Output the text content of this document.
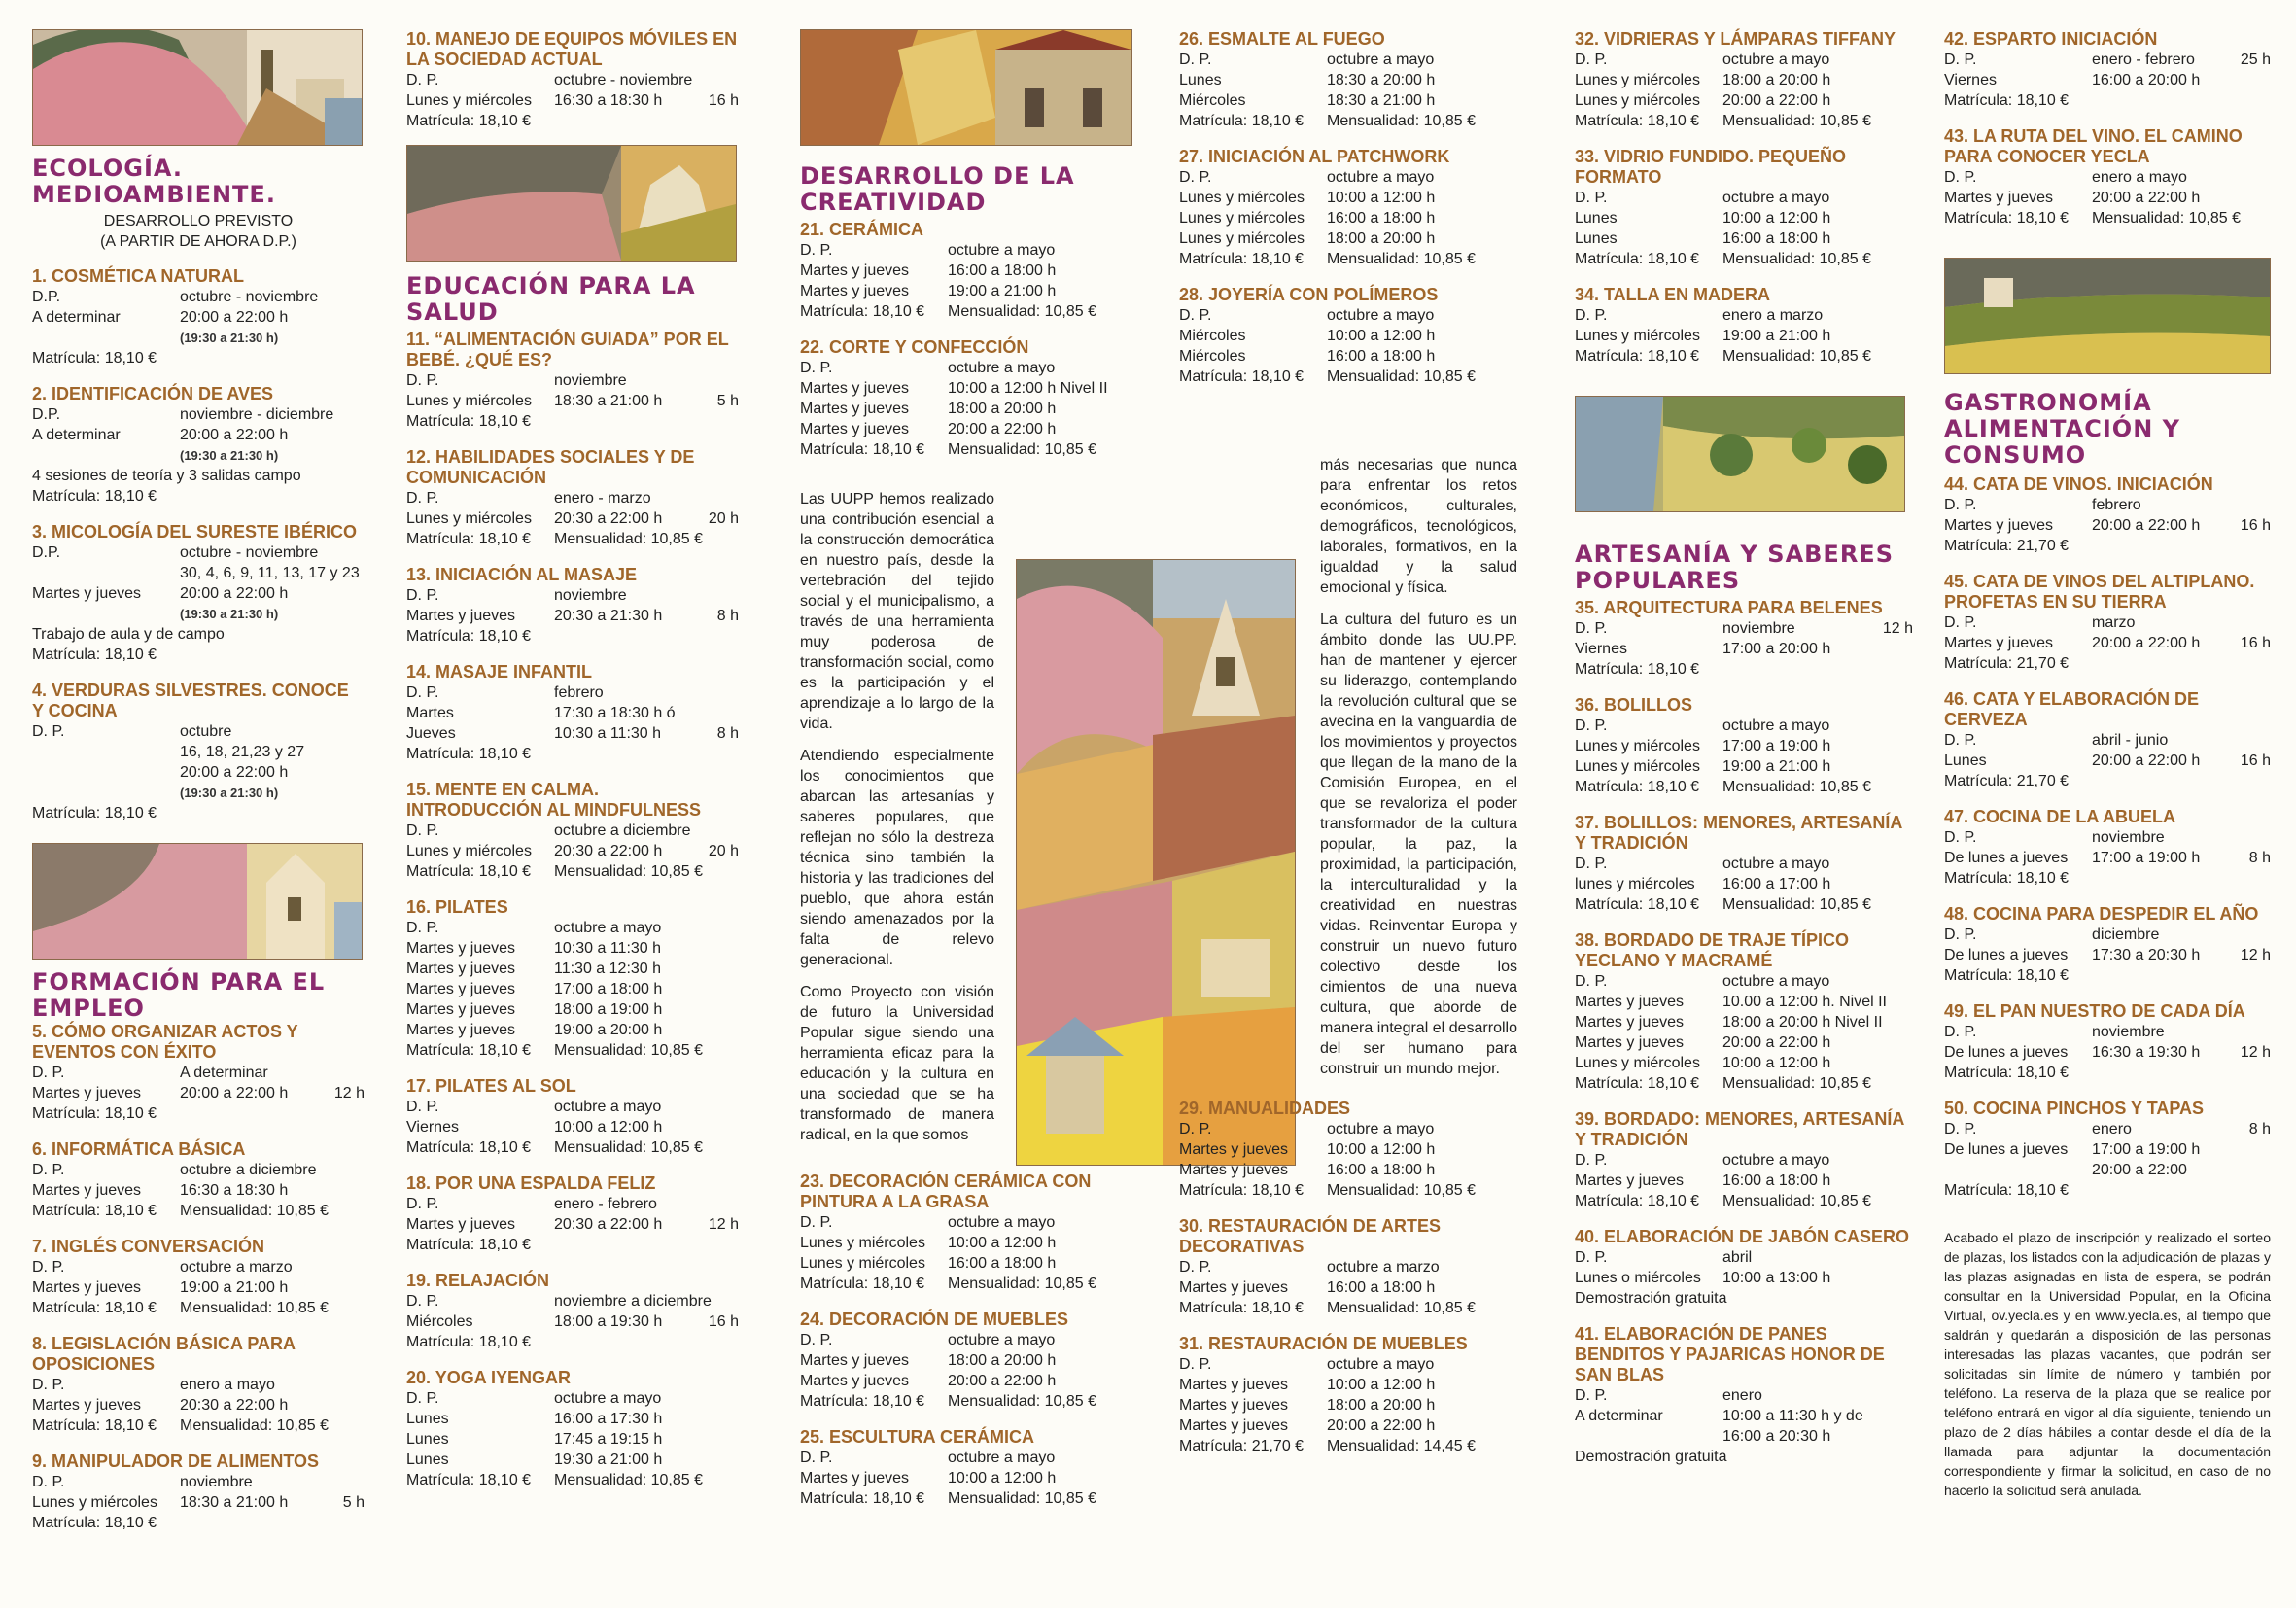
ECOLOGÍA. MEDIOAMBIENTE.
DESARROLLO PREVISTO
(A PARTIR DE AHORA D.P.)
1. COSMÉTICA NATURAL
D.P.	octubre - noviembre
A determinar	20:00 a 22:00 h
(19:30 a 21:30 h)
Matrícula: 18,10 €
2. IDENTIFICACIÓN DE AVES
D.P.	noviembre - diciembre
A determinar	20:00 a 22:00 h
(19:30 a 21:30 h)
4 sesiones de teoría y 3 salidas campo
Matrícula: 18,10 €
3. MICOLOGÍA DEL SURESTE IBÉRICO
D.P.	octubre - noviembre
30, 4, 6, 9, 11, 13, 17 y 23
Martes y jueves	20:00 a 22:00 h
(19:30 a 21:30 h)
Trabajo de aula y de campo
Matrícula: 18,10 €
4. VERDURAS SILVESTRES. CONOCE Y COCINA
D. P.	octubre
16, 18, 21,23 y 27
20:00 a 22:00 h
(19:30 a 21:30 h)
Matrícula: 18,10 €
FORMACIÓN PARA EL EMPLEO
5. CÓMO ORGANIZAR ACTOS Y EVENTOS CON ÉXITO
D. P.	A determinar
Martes y jueves	20:00 a 22:00 h	12 h
Matrícula: 18,10 €
6. INFORMÁTICA BÁSICA
D. P.	octubre a diciembre
Martes y jueves	16:30 a 18:30 h
Matrícula: 18,10 €	Mensualidad: 10,85 €
7. INGLÉS CONVERSACIÓN
D. P.	octubre a marzo
Martes y jueves	19:00 a 21:00 h
Matrícula: 18,10 €	Mensualidad: 10,85 €
8. LEGISLACIÓN BÁSICA PARA OPOSICIONES
D. P.	enero a mayo
Martes y jueves	20:30 a 22:00 h
Matrícula: 18,10 €	Mensualidad: 10,85 €
9. MANIPULADOR DE ALIMENTOS
D. P.	noviembre
Lunes y miércoles	18:30 a 21:00 h	5 h
Matrícula: 18,10 €
10. MANEJO DE EQUIPOS MÓVILES EN LA SOCIEDAD ACTUAL
D. P.	octubre - noviembre
Lunes y miércoles	16:30 a 18:30 h	16 h
Matrícula: 18,10 €
EDUCACIÓN PARA LA SALUD
11. “ALIMENTACIÓN GUIADA” POR EL BEBÉ. ¿QUÉ ES?
D. P.	noviembre
Lunes y miércoles	18:30 a 21:00 h	5 h
Matrícula: 18,10 €
12. HABILIDADES SOCIALES Y DE COMUNICACIÓN
D. P.	enero - marzo
Lunes y miércoles	20:30 a 22:00 h	20 h
Matrícula: 18,10 €	Mensualidad: 10,85 €
13. INICIACIÓN AL MASAJE
D. P.	noviembre
Martes y jueves	20:30 a 21:30 h	8 h
Matrícula: 18,10 €
14. MASAJE INFANTIL
D. P.	febrero
Martes	17:30 a 18:30 h ó
Jueves	10:30 a 11:30 h	8 h
Matrícula: 18,10 €
15. MENTE EN CALMA. INTRODUCCIÓN AL MINDFULNESS
D. P.	octubre a diciembre
Lunes y miércoles	20:30 a 22:00 h	20 h
Matrícula: 18,10 €	Mensualidad: 10,85 €
16. PILATES
D. P.	octubre a mayo
Martes y jueves	10:30 a 11:30 h
Martes y jueves	11:30 a 12:30 h
Martes y jueves	17:00 a 18:00 h
Martes y jueves	18:00 a 19:00 h
Martes y jueves	19:00 a 20:00 h
Matrícula: 18,10 €	Mensualidad: 10,85 €
17. PILATES AL SOL
D. P.	octubre a mayo
Viernes	10:00 a 12:00 h
Matrícula: 18,10 €	Mensualidad: 10,85 €
18. POR UNA ESPALDA FELIZ
D. P.	enero - febrero
Martes y jueves	20:30 a 22:00 h	12 h
Matrícula: 18,10 €
19. RELAJACIÓN
D. P.	noviembre a diciembre
Miércoles	18:00 a 19:30 h	16 h
Matrícula: 18,10 €
20. YOGA IYENGAR
D. P.	octubre a mayo
Lunes	16:00 a 17:30 h
Lunes	17:45 a 19:15 h
Lunes	19:30 a 21:00 h
Matrícula: 18,10 €	Mensualidad: 10,85 €
DESARROLLO DE LA CREATIVIDAD
21. CERÁMICA
D. P.	octubre a mayo
Martes y jueves	16:00 a 18:00 h
Martes y jueves	19:00 a 21:00 h
Matrícula: 18,10 €	Mensualidad: 10,85 €
22. CORTE Y CONFECCIÓN
D. P.	octubre a mayo
Martes y jueves	10:00 a 12:00 h Nivel II
Martes y jueves	18:00 a 20:00 h
Martes y jueves	20:00 a 22:00 h
Matrícula: 18,10 €	Mensualidad: 10,85 €
Las UUPP hemos realizado una contribución esencial a la construcción democrática en nuestro país, desde la vertebración del tejido social y el municipalismo, a través de una herramienta muy poderosa de transformación social, como es la participación y el aprendizaje a lo largo de la vida.
Atendiendo especialmente los conocimientos que abarcan las artesanías y saberes populares, que reflejan no sólo la destreza técnica sino también la historia y las tradiciones del pueblo, que ahora están siendo amenazados por la falta de relevo generacional.
Como Proyecto con visión de futuro la Universidad Popular sigue siendo una herramienta eficaz para la educación y la cultura en una sociedad que se ha transformado de manera radical, en la que somos
23. DECORACIÓN CERÁMICA CON PINTURA A LA GRASA
D. P.	octubre a mayo
Lunes y miércoles	10:00 a 12:00 h
Lunes y miércoles	16:00 a 18:00 h
Matrícula: 18,10 €	Mensualidad: 10,85 €
24. DECORACIÓN DE MUEBLES
D. P.	octubre a mayo
Martes y jueves	18:00 a 20:00 h
Martes y jueves	20:00 a 22:00 h
Matrícula: 18,10 €	Mensualidad: 10,85 €
25. ESCULTURA CERÁMICA
D. P.	octubre a mayo
Martes y jueves	10:00 a 12:00 h
Matrícula: 18,10 €	Mensualidad: 10,85 €
26. ESMALTE AL FUEGO
D. P.	octubre a mayo
Lunes	18:30 a 20:00 h
Miércoles	18:30 a 21:00 h
Matrícula: 18,10 €	Mensualidad: 10,85 €
27. INICIACIÓN AL PATCHWORK
D. P.	octubre a mayo
Lunes y miércoles	10:00 a 12:00 h
Lunes y miércoles	16:00 a 18:00 h
Lunes y miércoles	18:00 a 20:00 h
Matrícula: 18,10 €	Mensualidad: 10,85 €
28. JOYERÍA CON POLÍMEROS
D. P.	octubre a mayo
Miércoles	10:00 a 12:00 h
Miércoles	16:00 a 18:00 h
Matrícula: 18,10 €	Mensualidad: 10,85 €
más necesarias que nunca para enfrentar los retos económicos, culturales, demográficos, tecnológicos, laborales, formativos, en la igualdad y la salud emocional y física.
La cultura del futuro es un ámbito donde las UU.PP. han de mantener y ejercer su liderazgo, contemplando la revolución cultural que se avecina en la vanguardia de los movimientos y proyectos que llegan de la mano de la Comisión Europea, en el que se revaloriza el poder transformador de la cultura popular, la paz, la proximidad, la participación, la interculturalidad y la creatividad en nuestras vidas. Reinventar Europa y construir un nuevo futuro colectivo desde los cimientos de una nueva cultura, que aborde de manera integral el desarrollo del ser humano para construir un mundo mejor.
29. MANUALIDADES
D. P.	octubre a mayo
Martes y jueves	10:00 a 12:00 h
Martes y jueves	16:00 a 18:00 h
Matrícula: 18,10 €	Mensualidad: 10,85 €
30. RESTAURACIÓN DE ARTES DECORATIVAS
D. P.	octubre a marzo
Martes y jueves	16:00 a 18:00 h
Matrícula: 18,10 €	Mensualidad: 10,85 €
31. RESTAURACIÓN DE MUEBLES
D. P.	octubre a mayo
Martes y jueves	10:00 a 12:00 h
Martes y jueves	18:00 a 20:00 h
Martes y jueves	20:00 a 22:00 h
Matrícula: 21,70 €	Mensualidad: 14,45 €
32. VIDRIERAS Y LÁMPARAS TIFFANY
D. P.	octubre a mayo
Lunes y miércoles	18:00 a 20:00 h
Lunes y miércoles	20:00 a 22:00 h
Matrícula: 18,10 €	Mensualidad: 10,85 €
33. VIDRIO FUNDIDO. PEQUEÑO FORMATO
D. P.	octubre a mayo
Lunes	10:00 a 12:00 h
Lunes	16:00 a 18:00 h
Matrícula: 18,10 €	Mensualidad: 10,85 €
34. TALLA EN MADERA
D. P.	enero a marzo
Lunes y miércoles	19:00 a 21:00 h
Matrícula: 18,10 €	Mensualidad: 10,85 €
ARTESANÍA Y SABERES POPULARES
35. ARQUITECTURA PARA BELENES
D. P.	noviembre	12 h
Viernes	17:00 a 20:00 h
Matrícula: 18,10 €
36. BOLILLOS
D. P.	octubre a mayo
Lunes y miércoles	17:00 a 19:00 h
Lunes y miércoles	19:00 a 21:00 h
Matrícula: 18,10 €	Mensualidad: 10,85 €
37. BOLILLOS: MENORES, ARTESANÍA Y TRADICIÓN
D. P.	octubre a mayo
lunes y miércoles	16:00 a 17:00 h
Matrícula: 18,10 €	Mensualidad: 10,85 €
38. BORDADO DE TRAJE TÍPICO YECLANO Y MACRAMÉ
D. P.	octubre a mayo
Martes y jueves	10.00 a 12:00 h. Nivel II
Martes y jueves	18:00 a 20:00 h Nivel II
Martes y jueves	20:00 a 22:00 h
Lunes y miércoles	10:00 a 12:00 h
Matrícula: 18,10 €	Mensualidad: 10,85 €
39. BORDADO: MENORES, ARTESANÍA Y TRADICIÓN
D. P.	octubre a mayo
Martes y jueves	16:00 a 18:00 h
Matrícula: 18,10 €	Mensualidad: 10,85 €
40. ELABORACIÓN DE JABÓN CASERO
D. P.	abril
Lunes o miércoles	10:00 a 13:00 h
Demostración gratuita
41. ELABORACIÓN DE PANES BENDITOS Y PAJARICAS HONOR DE SAN BLAS
D. P.	enero
A determinar	10:00 a 11:30 h y de
16:00 a 20:30 h
Demostración gratuita
42. ESPARTO INICIACIÓN
D. P.	enero - febrero	25 h
Viernes	16:00 a 20:00 h
Matrícula: 18,10 €
43. LA RUTA DEL VINO. EL CAMINO PARA CONOCER YECLA
D. P.	enero a mayo
Martes y jueves	20:00 a 22:00 h
Matrícula: 18,10 €	Mensualidad: 10,85 €
GASTRONOMÍA ALIMENTACIÓN Y CONSUMO
44. CATA DE VINOS. INICIACIÓN
D. P.	febrero
Martes y jueves	20:00 a 22:00 h	16 h
Matrícula: 21,70 €
45. CATA DE VINOS DEL ALTIPLANO. PROFETAS EN SU TIERRA
D. P.	marzo
Martes y jueves	20:00 a 22:00 h	16 h
Matrícula: 21,70 €
46. CATA Y ELABORACIÓN DE CERVEZA
D. P.	abril - junio
Lunes	20:00 a 22:00 h	16 h
Matrícula: 21,70 €
47. COCINA DE LA ABUELA
D. P.	noviembre
De lunes a jueves	17:00 a 19:00 h	8 h
Matrícula: 18,10 €
48. COCINA PARA DESPEDIR EL AÑO
D. P.	diciembre
De lunes a jueves	17:30 a 20:30 h	12 h
Matrícula: 18,10 €
49. EL PAN NUESTRO DE CADA DÍA
D. P.	noviembre
De lunes a jueves	16:30 a 19:30 h	12 h
Matrícula: 18,10 €
50. COCINA PINCHOS Y TAPAS
D. P.	enero	8 h
De lunes a jueves	17:00 a 19:00 h
20:00 a 22:00
Matrícula: 18,10 €
Acabado el plazo de inscripción y realizado el sorteo de plazas, los listados con la adjudicación de plazas y las plazas asignadas en lista de espera, se podrán consultar en la Universidad Popular, en la Oficina Virtual, ov.yecla.es y en www.yecla.es, al tiempo que saldrán y quedarán a disposición de las personas interesadas las plazas vacantes, que podrán ser solicitadas sin límite de número y también por teléfono. La reserva de la plaza que se realice por teléfono entrará en vigor al día siguiente, teniendo un plazo de 2 días hábiles a contar desde el día de la llamada para adjuntar la documentación correspondiente y firmar la solicitud, en caso de no hacerlo la solicitud será anulada.
